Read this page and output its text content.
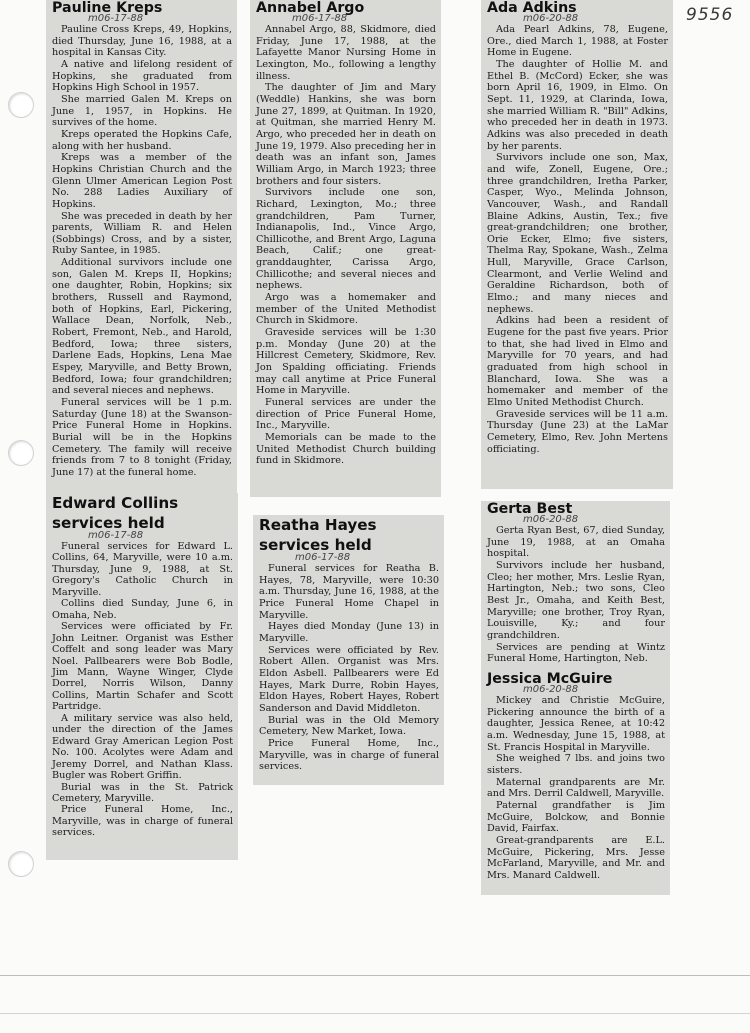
9556
Pauline Kreps
m06-17-88

Pauline Cross Kreps, 49, Hopkins, died Thursday, June 16, 1988, at a hospital in Kansas City.

A native and lifelong resident of Hopkins, she graduated from Hopkins High School in 1957.

She married Galen M. Kreps on June 1, 1957, in Hopkins. He survives of the home.

Kreps operated the Hopkins Cafe, along with her husband.

Kreps was a member of the Hopkins Christian Church and the Glenn Ulmer American Legion Post No. 288 Ladies Auxiliary of Hopkins.

She was preceded in death by her parents, William R. and Helen (Sobbings) Cross, and by a sister, Ruby Santee, in 1985.

Additional survivors include one son, Galen M. Kreps II, Hopkins; one daughter, Robin, Hopkins; six brothers, Russell and Raymond, both of Hopkins, Earl, Pickering, Wallace Dean, Norfolk, Neb., Robert, Fremont, Neb., and Harold, Bedford, Iowa; three sisters, Darlene Eads, Hopkins, Lena Mae Espey, Maryville, and Betty Brown, Bedford, Iowa; four grandchildren; and several nieces and nephews.

Funeral services will be 1 p.m. Saturday (June 18) at the Swanson-Price Funeral Home in Hopkins. Burial will be in the Hopkins Cemetery. The family will receive friends from 7 to 8 tonight (Friday, June 17) at the funeral home.

Edward Collins
services held
m06-17-88

Funeral services for Edward L. Collins, 64, Maryville, were 10 a.m. Thursday, June 9, 1988, at St. Gregory's Catholic Church in Maryville.

Collins died Sunday, June 6, in Omaha, Neb.

Services were officiated by Fr. John Leitner. Organist was Esther Coffelt and song leader was Mary Noel. Pallbearers were Bob Bodle, Jim Mann, Wayne Winger, Clyde Dorrel, Norris Wilson, Danny Collins, Martin Schafer and Scott Partridge.

A military service was also held, under the direction of the James Edward Gray American Legion Post No. 100. Acolytes were Adam and Jeremy Dorrel, and Nathan Klass. Bugler was Robert Griffin.

Burial was in the St. Patrick Cemetery, Maryville.

Price Funeral Home, Inc., Maryville, was in charge of funeral services.

Annabel Argo
m06-17-88

Annabel Argo, 88, Skidmore, died Friday, June 17, 1988, at the Lafayette Manor Nursing Home in Lexington, Mo., following a lengthy illness.

The daughter of Jim and Mary (Weddle) Hankins, she was born June 27, 1899, at Quitman. In 1920, at Quitman, she married Henry M. Argo, who preceded her in death on June 19, 1979. Also preceding her in death was an infant son, James William Argo, in March 1923; three brothers and four sisters.

Survivors include one son, Richard, Lexington, Mo.; three grandchildren, Pam Turner, Indianapolis, Ind., Vince Argo, Chillicothe, and Brent Argo, Laguna Beach, Calif.; one great-granddaughter, Carissa Argo, Chillicothe; and several nieces and nephews.

Argo was a homemaker and member of the United Methodist Church in Skidmore.

Graveside services will be 1:30 p.m. Monday (June 20) at the Hillcrest Cemetery, Skidmore, Rev. Jon Spalding officiating. Friends may call anytime at Price Funeral Home in Maryville.

Funeral services are under the direction of Price Funeral Home, Inc., Maryville.

Memorials can be made to the United Methodist Church building fund in Skidmore.

Reatha Hayes
services held
m06-17-88

Funeral services for Reatha B. Hayes, 78, Maryville, were 10:30 a.m. Thursday, June 16, 1988, at the Price Funeral Home Chapel in Maryville.

Hayes died Monday (June 13) in Maryville.

Services were officiated by Rev. Robert Allen. Organist was Mrs. Eldon Asbell. Pallbearers were Ed Hayes, Mark Durre, Robin Hayes, Eldon Hayes, Robert Hayes, Robert Sanderson and David Middleton.

Burial was in the Old Memory Cemetery, New Market, Iowa.

Price Funeral Home, Inc., Maryville, was in charge of funeral services.

Ada Adkins
m06-20-88

Ada Pearl Adkins, 78, Eugene, Ore., died March 1, 1988, at Foster Home in Eugene.

The daughter of Hollie M. and Ethel B. (McCord) Ecker, she was born April 16, 1909, in Elmo. On Sept. 11, 1929, at Clarinda, Iowa, she married William R. "Bill" Adkins, who preceded her in death in 1973. Adkins was also preceded in death by her parents.

Survivors include one son, Max, and wife, Zonell, Eugene, Ore.; three grandchildren, Iretha Parker, Casper, Wyo., Melinda Johnson, Vancouver, Wash., and Randall Blaine Adkins, Austin, Tex.; five great-grandchildren; one brother, Orie Ecker, Elmo; five sisters, Thelma Ray, Spokane, Wash., Zelma Hull, Maryville, Grace Carlson, Clearmont, and Verlie Welind and Geraldine Richardson, both of Elmo.; and many nieces and nephews.

Adkins had been a resident of Eugene for the past five years. Prior to that, she had lived in Elmo and Maryville for 70 years, and had graduated from high school in Blanchard, Iowa. She was a homemaker and member of the Elmo United Methodist Church.

Graveside services will be 11 a.m. Thursday (June 23) at the LaMar Cemetery, Elmo, Rev. John Mertens officiating.

Gerta Best
m06-20-88

Gerta Ryan Best, 67, died Sunday, June 19, 1988, at an Omaha hospital.

Survivors include her husband, Cleo; her mother, Mrs. Leslie Ryan, Hartington, Neb.; two sons, Cleo Best Jr., Omaha, and Keith Best, Maryville; one brother, Troy Ryan, Louisville, Ky.; and four grandchildren.

Services are pending at Wintz Funeral Home, Hartington, Neb.

Jessica McGuire
m06-20-88

Mickey and Christie McGuire, Pickering announce the birth of a daughter, Jessica Renee, at 10:42 a.m. Wednesday, June 15, 1988, at St. Francis Hospital in Maryville.

She weighed 7 lbs. and joins two sisters.

Maternal grandparents are Mr. and Mrs. Derril Caldwell, Maryville.

Paternal grandfather is Jim McGuire, Bolckow, and Bonnie David, Fairfax.

Great-grandparents are E.L. McGuire, Pickering, Mrs. Jesse McFarland, Maryville, and Mr. and Mrs. Manard Caldwell.
